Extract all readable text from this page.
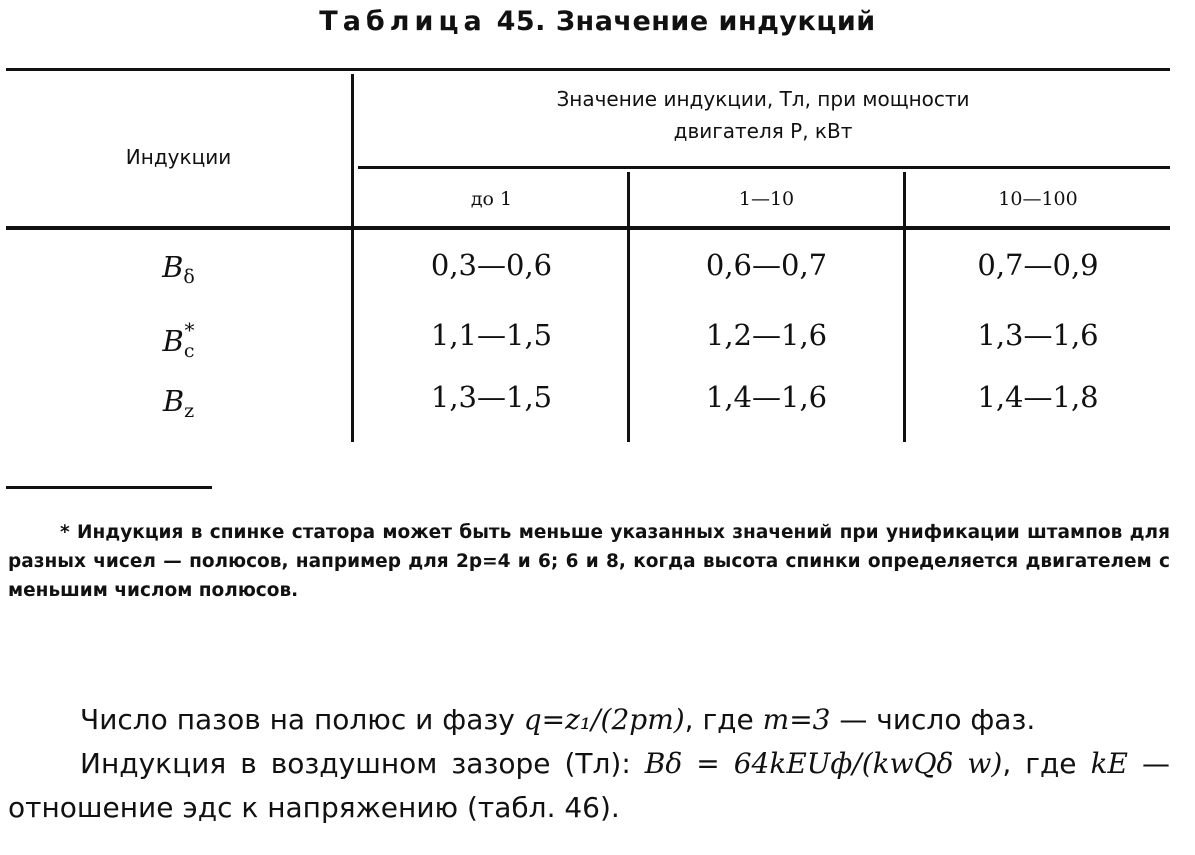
Таблица 45. Значение индукций
Индукции
Значение индукции, Тл, при мощности
двигателя P, кВт
до 1	1—10	10—100
$B_\delta$	0,3—0,6	0,6—0,7	0,7—0,9
$B_c^*$	1,1—1,5	1,2—1,6	1,3—1,6
$B_z$	1,3—1,5	1,4—1,6	1,4—1,8
* Индукция в спинке статора может быть меньше указанных значений при унификации штампов для разных чисел — полюсов, например для 2p=4 и 6; 6 и 8, когда высота спинки определяется двигателем с меньшим числом полюсов.

Число пазов на полюс и фазу q=z₁/(2pm), где m=3 — число фаз.

Индукция в воздушном зазоре (Тл): Bδ = 64kEUф/(kwQδ w), где kE — отношение эдс к напряжению (табл. 46).
